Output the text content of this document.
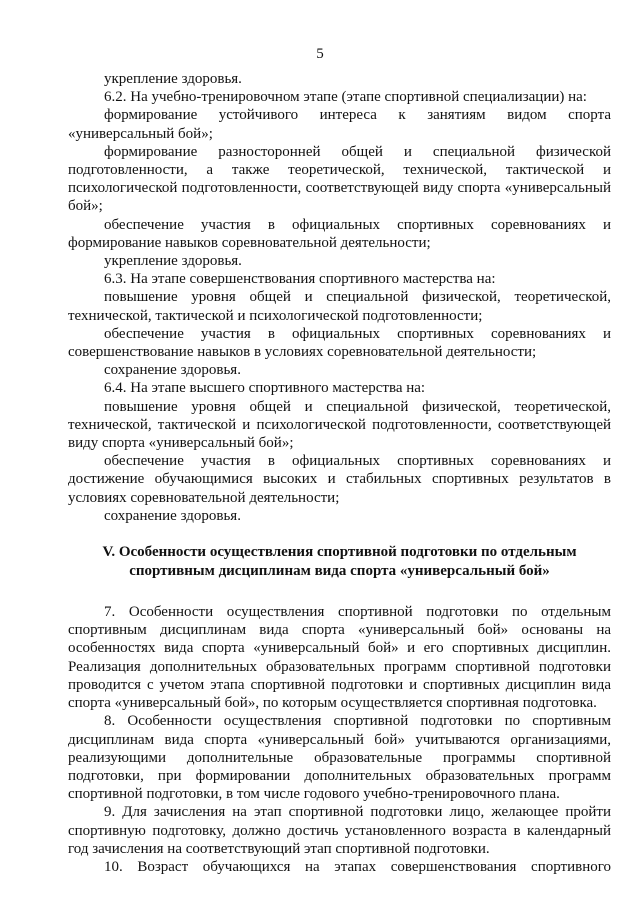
5

укрепление здоровья.

6.2. На учебно-тренировочном этапе (этапе спортивной специализации) на:

формирование устойчивого интереса к занятиям видом спорта «универсальный бой»;

формирование разносторонней общей и специальной физической подготовленности, а также теоретической, технической, тактической и психологической подготовленности, соответствующей виду спорта «универсальный бой»;

обеспечение участия в официальных спортивных соревнованиях и формирование навыков соревновательной деятельности;

укрепление здоровья.

6.3. На этапе совершенствования спортивного мастерства на:

повышение уровня общей и специальной физической, теоретической, технической, тактической и психологической подготовленности;

обеспечение участия в официальных спортивных соревнованиях и совершенствование навыков в условиях соревновательной деятельности;

сохранение здоровья.

6.4. На этапе высшего спортивного мастерства на:

повышение уровня общей и специальной физической, теоретической, технической, тактической и психологической подготовленности, соответствующей виду спорта «универсальный бой»;

обеспечение участия в официальных спортивных соревнованиях и достижение обучающимися высоких и стабильных спортивных результатов в условиях соревновательной деятельности;

сохранение здоровья.

V. Особенности осуществления спортивной подготовки по отдельным спортивным дисциплинам вида спорта «универсальный бой»

7. Особенности осуществления спортивной подготовки по отдельным спортивным дисциплинам вида спорта «универсальный бой» основаны на особенностях вида спорта «универсальный бой» и его спортивных дисциплин. Реализация дополнительных образовательных программ спортивной подготовки проводится с учетом этапа спортивной подготовки и спортивных дисциплин вида спорта «универсальный бой», по которым осуществляется спортивная подготовка.

8. Особенности осуществления спортивной подготовки по спортивным дисциплинам вида спорта «универсальный бой» учитываются организациями, реализующими дополнительные образовательные программы спортивной подготовки, при формировании дополнительных образовательных программ спортивной подготовки, в том числе годового учебно-тренировочного плана.

9. Для зачисления на этап спортивной подготовки лицо, желающее пройти спортивную подготовку, должно достичь установленного возраста в календарный год зачисления на соответствующий этап спортивной подготовки.

10. Возраст обучающихся на этапах совершенствования спортивного
